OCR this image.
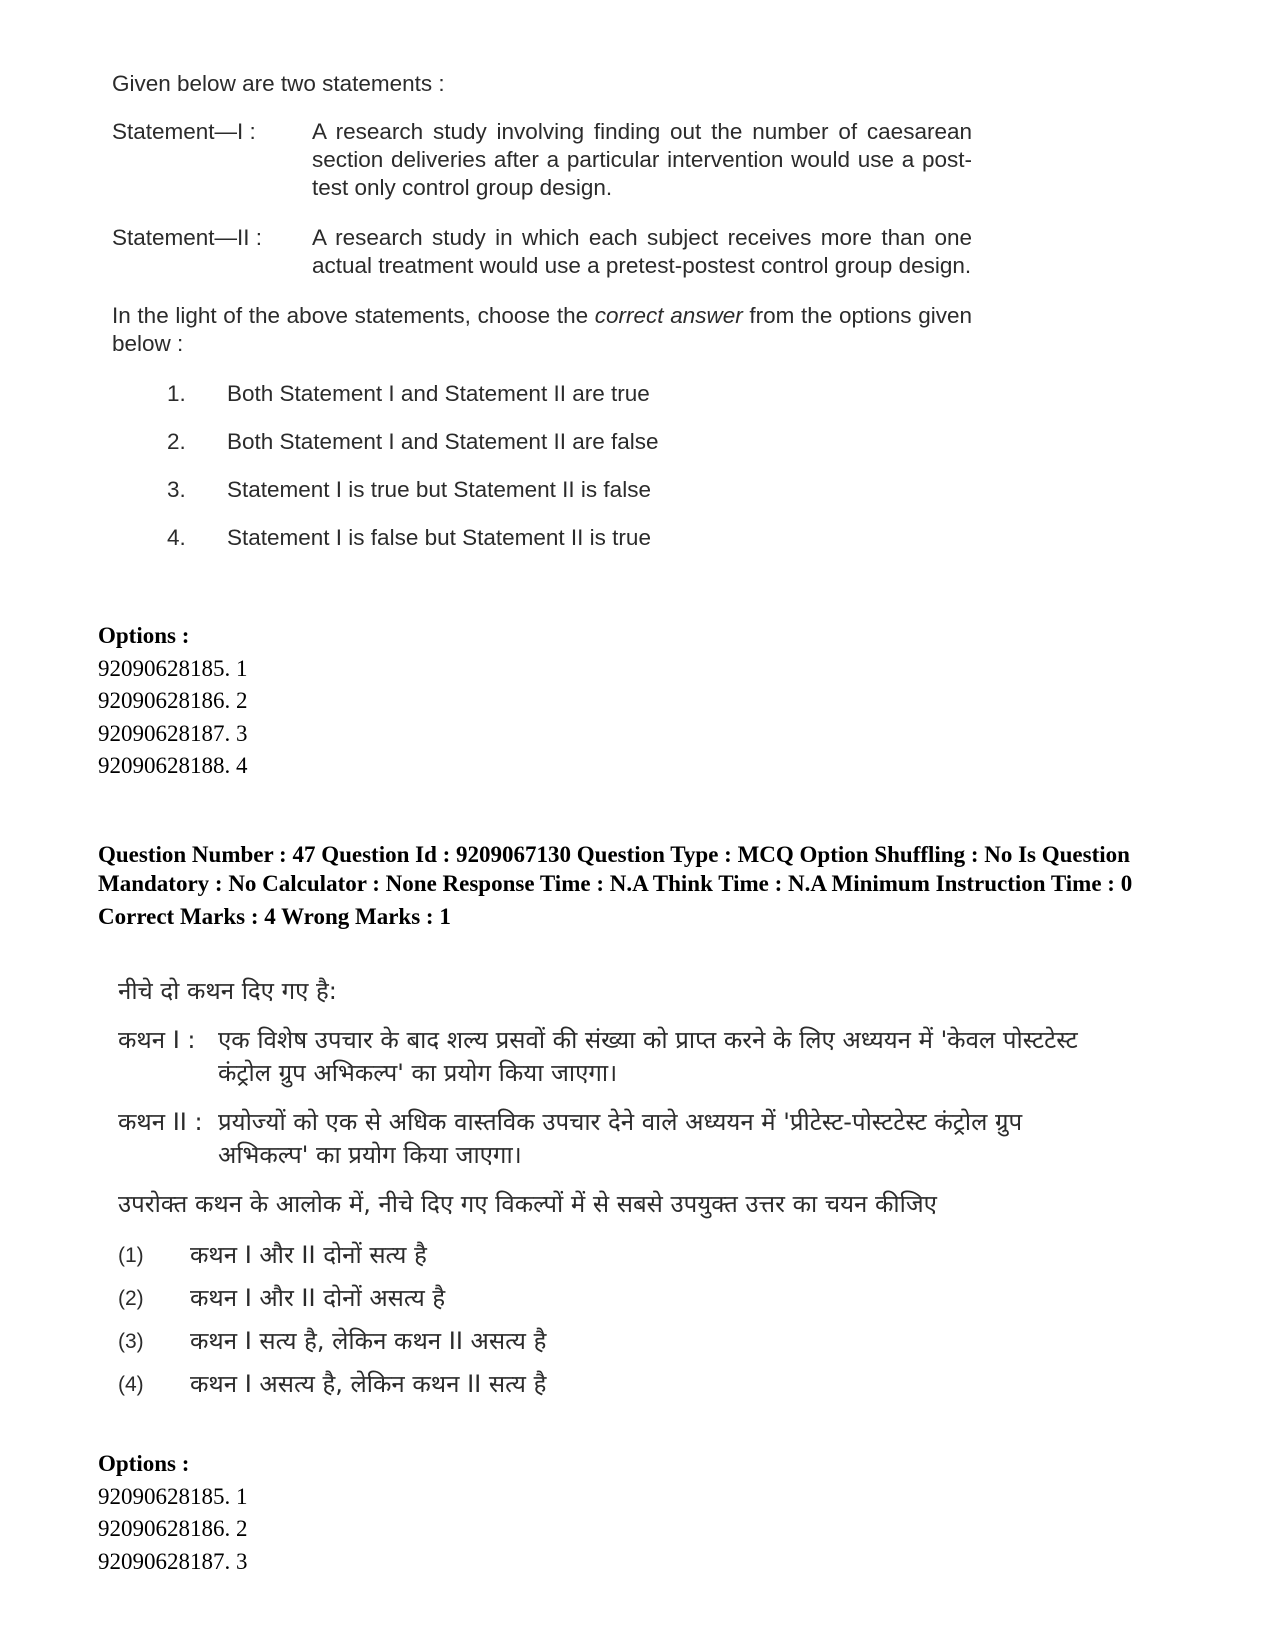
Given below are two statements :

Statement—I :	A research study involving finding out the number of caesarean section deliveries after a particular intervention would use a post-test only control group design.
Statement—II :	A research study in which each subject receives more than one actual treatment would use a pretest-postest control group design.

In the light of the above statements, choose the correct answer from the options given below :

1.	Both Statement I and Statement II are true
2.	Both Statement I and Statement II are false
3.	Statement I is true but Statement II is false
4.	Statement I is false but Statement II is true
Options :
92090628185. 1
92090628186. 2
92090628187. 3
92090628188. 4
Question Number : 47 Question Id : 9209067130 Question Type : MCQ Option Shuffling : No Is Question Mandatory : No Calculator : None Response Time : N.A Think Time : N.A Minimum Instruction Time : 0
Correct Marks : 4 Wrong Marks : 1

नीचे दो कथन दिए गए है:

कथन I : एक विशेष उपचार के बाद शल्य प्रसवों की संख्या को प्राप्त करने के लिए अध्ययन में 'केवल पोस्टटेस्ट कंट्रोल ग्रुप अभिकल्प' का प्रयोग किया जाएगा।
कथन II : प्रयोज्यों को एक से अधिक वास्तविक उपचार देने वाले अध्ययन में 'प्रीटेस्ट-पोस्टटेस्ट कंट्रोल ग्रुप अभिकल्प' का प्रयोग किया जाएगा।

उपरोक्त कथन के आलोक में, नीचे दिए गए विकल्पों में से सबसे उपयुक्त उत्तर का चयन कीजिए

(1)	कथन I और II दोनों सत्य है
(2)	कथन I और II दोनों असत्य है
(3)	कथन I सत्य है, लेकिन कथन II असत्य है
(4)	कथन I असत्य है, लेकिन कथन II सत्य है
Options :
92090628185. 1
92090628186. 2
92090628187. 3
